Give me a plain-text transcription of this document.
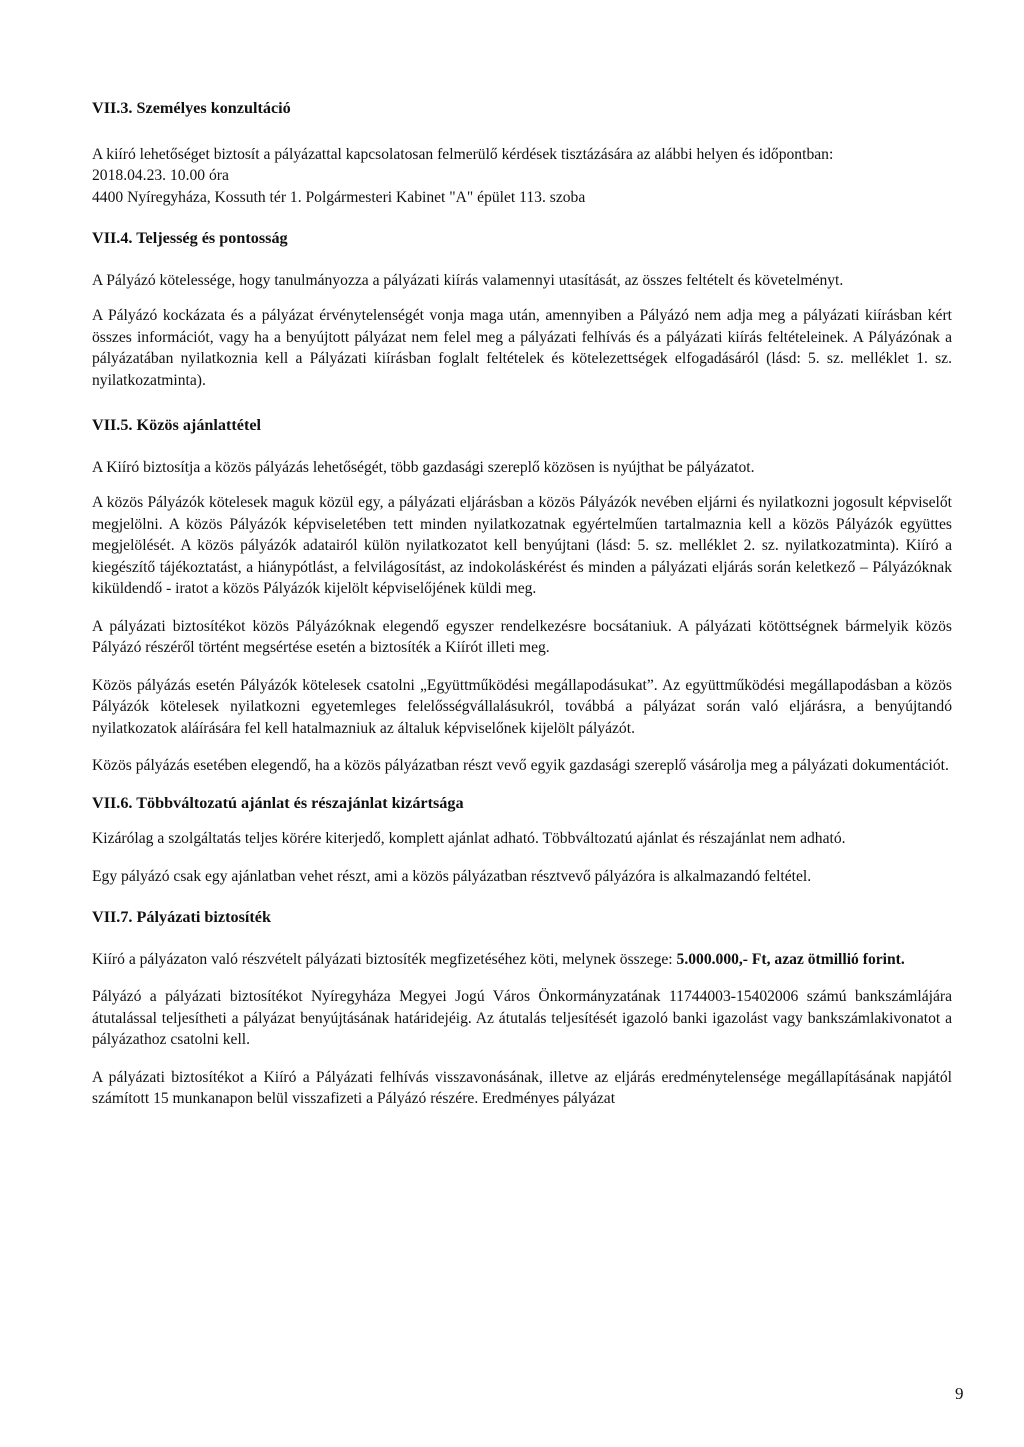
VII.3. Személyes konzultáció

A kiíró lehetőséget biztosít a pályázattal kapcsolatosan felmerülő kérdések tisztázására az alábbi helyen és időpontban:

2018.04.23. 10.00 óra

4400 Nyíregyháza, Kossuth tér 1. Polgármesteri Kabinet "A" épület 113. szoba

VII.4. Teljesség és pontosság

A Pályázó kötelessége, hogy tanulmányozza a pályázati kiírás valamennyi utasítását, az összes feltételt és követelményt.

A Pályázó kockázata és a pályázat érvénytelenségét vonja maga után, amennyiben a Pályázó nem adja meg a pályázati kiírásban kért összes információt, vagy ha a benyújtott pályázat nem felel meg a pályázati felhívás és a pályázati kiírás feltételeinek. A Pályázónak a pályázatában nyilatkoznia kell a Pályázati kiírásban foglalt feltételek és kötelezettségek elfogadásáról (lásd: 5. sz. melléklet 1. sz. nyilatkozatminta).

VII.5. Közös ajánlattétel

A Kiíró biztosítja a közös pályázás lehetőségét, több gazdasági szereplő közösen is nyújthat be pályázatot.

A közös Pályázók kötelesek maguk közül egy, a pályázati eljárásban a közös Pályázók nevében eljárni és nyilatkozni jogosult képviselőt megjelölni. A közös Pályázók képviseletében tett minden nyilatkozatnak egyértelműen tartalmaznia kell a közös Pályázók együttes megjelölését. A közös pályázók adatairól külön nyilatkozatot kell benyújtani (lásd: 5. sz. melléklet 2. sz. nyilatkozatminta). Kiíró a kiegészítő tájékoztatást, a hiánypótlást, a felvilágosítást, az indokoláskérést és minden a pályázati eljárás során keletkező – Pályázóknak kiküldendő - iratot a közös Pályázók kijelölt képviselőjének küldi meg.

A pályázati biztosítékot közös Pályázóknak elegendő egyszer rendelkezésre bocsátaniuk. A pályázati kötöttségnek bármelyik közös Pályázó részéről történt megsértése esetén a biztosíték a Kiírót illeti meg.

Közös pályázás esetén Pályázók kötelesek csatolni „Együttműködési megállapodásukat”. Az együttműködési megállapodásban a közös Pályázók kötelesek nyilatkozni egyetemleges felelősségvállalásukról, továbbá a pályázat során való eljárásra, a benyújtandó nyilatkozatok aláírására fel kell hatalmazniuk az általuk képviselőnek kijelölt pályázót.

Közös pályázás esetében elegendő, ha a közös pályázatban részt vevő egyik gazdasági szereplő vásárolja meg a pályázati dokumentációt.

VII.6. Többváltozatú ajánlat és részajánlat kizártsága

Kizárólag a szolgáltatás teljes körére kiterjedő, komplett ajánlat adható. Többváltozatú ajánlat és részajánlat nem adható.

Egy pályázó csak egy ajánlatban vehet részt, ami a közös pályázatban résztvevő pályázóra is alkalmazandó feltétel.

VII.7. Pályázati biztosíték

Kiíró a pályázaton való részvételt pályázati biztosíték megfizetéséhez köti, melynek összege: 5.000.000,- Ft, azaz ötmillió forint.

Pályázó a pályázati biztosítékot Nyíregyháza Megyei Jogú Város Önkormányzatának 11744003-15402006 számú bankszámlájára átutalással teljesítheti a pályázat benyújtásának határidejéig. Az átutalás teljesítését igazoló banki igazolást vagy bankszámlakivonatot a pályázathoz csatolni kell.

A pályázati biztosítékot a Kiíró a Pályázati felhívás visszavonásának, illetve az eljárás eredménytelensége megállapításának napjától számított 15 munkanapon belül visszafizeti a Pályázó részére. Eredményes pályázat

9
